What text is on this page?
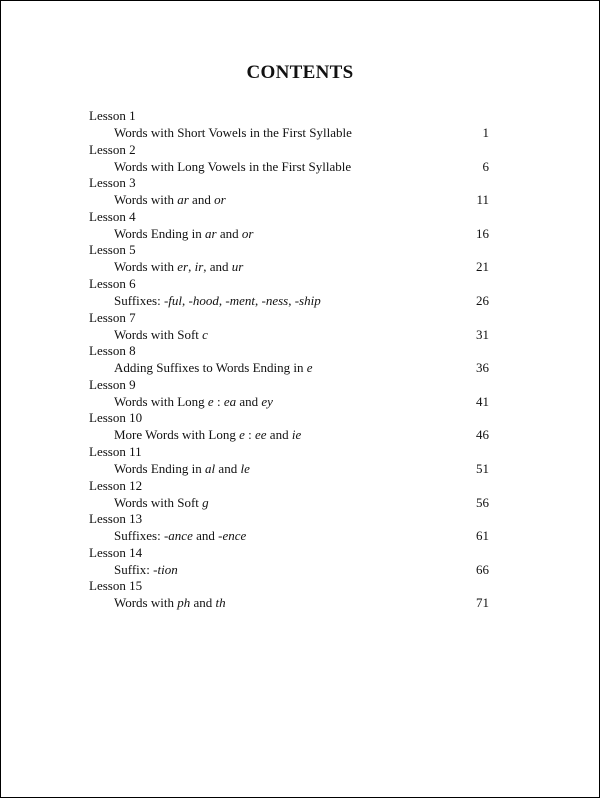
CONTENTS
Lesson 1
Words with Short Vowels in the First Syllable	1
Lesson 2
Words with Long Vowels in the First Syllable	6
Lesson 3
Words with ar and or	11
Lesson 4
Words Ending in ar and or	16
Lesson 5
Words with er, ir, and ur	21
Lesson 6
Suffixes: -ful, -hood, -ment, -ness, -ship	26
Lesson 7
Words with Soft c	31
Lesson 8
Adding Suffixes to Words Ending in e	36
Lesson 9
Words with Long e : ea and ey	41
Lesson 10
More Words with Long e : ee and ie	46
Lesson 11
Words Ending in al and le	51
Lesson 12
Words with Soft g	56
Lesson 13
Suffixes: -ance and -ence	61
Lesson 14
Suffix: -tion	66
Lesson 15
Words with ph and th	71
